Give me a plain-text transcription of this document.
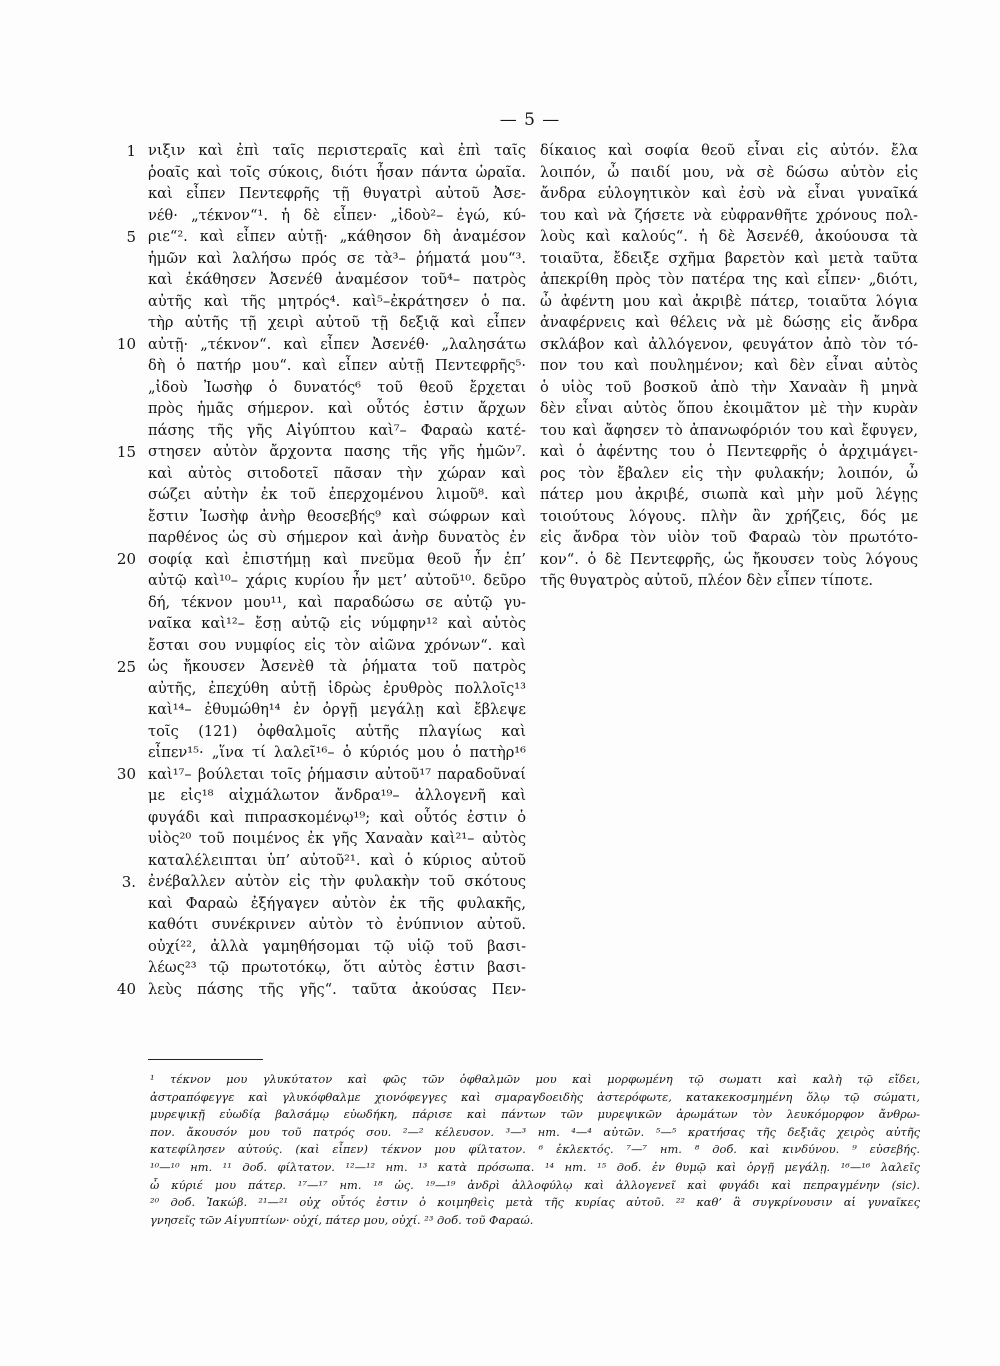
— 5 —
1
5
10
15
20
25
30
3.
40
νιξιν καὶ ἐπὶ ταῖς περιστεραῖς καὶ ἐπὶ ταῖς
ῥοαῖς καὶ τοῖς σύκοις, διότι ἦσαν πάντα ὡραῖα.
καὶ εἶπεν Πεντεφρῆς τῇ θυγατρὶ αὐτοῦ Ἀσε-
νέθ· „τέκνον“¹. ἡ δὲ εἶπεν· „ἰδοὺ²– ἐγώ, κύ-
ριε“². καὶ εἶπεν αὐτῇ· „κάθησον δὴ ἀναμέσον
ἡμῶν καὶ λαλήσω πρός σε τὰ³– ῥήματά μου“³.
καὶ ἐκάθησεν Ἀσενέθ ἀναμέσον τοῦ⁴– πατρὸς
αὐτῆς καὶ τῆς μητρός⁴. καὶ⁵–ἐκράτησεν ὁ πα.
τὴρ αὐτῆς τῇ χειρὶ αὐτοῦ τῇ δεξιᾷ καὶ εἶπεν
αὐτῇ· „τέκνον“. καὶ εἶπεν Ἀσενέθ· „λαλησάτω
δὴ ὁ πατήρ μου“. καὶ εἶπεν αὐτῇ Πεντεφρῆς⁵·
„ἰδοὺ Ἰωσὴφ ὁ δυνατός⁶ τοῦ θεοῦ ἔρχεται
πρὸς ἡμᾶς σήμερον. καὶ οὗτός ἐστιν ἄρχων
πάσης τῆς γῆς Αἰγύπτου καὶ⁷– Φαραὼ κατέ-
στησεν αὐτὸν ἄρχοντα πασης τῆς γῆς ἡμῶν⁷.
καὶ αὐτὸς σιτοδοτεῖ πᾶσαν τὴν χώραν καὶ
σώζει αὐτὴν ἐκ τοῦ ἐπερχομένου λιμοῦ⁸. καὶ
ἔστιν Ἰωσὴφ ἀνὴρ θεοσεβής⁹ καὶ σώφρων καὶ
παρθένος ὡς σὺ σήμερον καὶ ἀνὴρ δυνατὸς ἐν
σοφίᾳ καὶ ἐπιστήμῃ καὶ πνεῦμα θεοῦ ἦν ἐπ’
αὐτῷ καὶ¹⁰– χάρις κυρίου ἦν μετ’ αὐτοῦ¹⁰. δεῦρο
δή, τέκνον μου¹¹, καὶ παραδώσω σε αὐτῷ γυ-
ναῖκα καὶ¹²– ἔσῃ αὐτῷ εἰς νύμφην¹² καὶ αὐτὸς
ἔσται σου νυμφίος εἰς τὸν αἰῶνα χρόνων“. καὶ
ὡς ἤκουσεν Ἀσενὲθ τὰ ῥήματα τοῦ πατρὸς
αὐτῆς, ἐπεχύθη αὐτῇ ἱδρὼς ἐρυθρὸς πολλοῖς¹³
καὶ¹⁴– ἐθυμώθη¹⁴ ἐν ὀργῇ μεγάλῃ καὶ ἔβλεψε
τοῖς (121) ὀφθαλμοῖς αὐτῆς πλαγίως καὶ
εἶπεν¹⁵· „ἵνα τί λαλεῖ¹⁶– ὁ κύριός μου ὁ πατὴρ¹⁶
καὶ¹⁷– βούλεται τοῖς ῥήμασιν αὐτοῦ¹⁷ παραδοῦναί
με εἰς¹⁸ αἰχμάλωτον ἄνδρα¹⁹– ἀλλογενῆ καὶ
φυγάδι καὶ πιπρασκομένῳ¹⁹; καὶ οὗτός ἐστιν ὁ
υἱὸς²⁰ τοῦ ποιμένος ἐκ γῆς Χαναὰν καὶ²¹– αὐτὸς
καταλέλειπται ὑπ’ αὐτοῦ²¹. καὶ ὁ κύριος αὐτοῦ
ἐνέβαλλεν αὐτὸν εἰς τὴν φυλακὴν τοῦ σκότους
καὶ Φαραὼ ἐξήγαγεν αὐτὸν ἐκ τῆς φυλακῆς,
καθότι συνέκρινεν αὐτὸν τὸ ἐνύπνιον αὐτοῦ.
οὐχί²², ἀλλὰ γαμηθήσομαι τῷ υἱῷ τοῦ βασι-
λέως²³ τῷ πρωτοτόκῳ, ὅτι αὐτὸς ἐστιν βασι-
λεὺς πάσης τῆς γῆς“. ταῦτα ἀκούσας Πεν-
δίκαιος καὶ σοφία θεοῦ εἶναι εἰς αὐτόν. ἔλα
λοιπόν, ὦ παιδί μου, νὰ σὲ δώσω αὐτὸν εἰς
ἄνδρα εὐλογητικὸν καὶ ἐσὺ νὰ εἶναι γυναῖκά
του καὶ νὰ ζήσετε νὰ εὐφρανθῆτε χρόνους πολ-
λοὺς καὶ καλούς“. ἡ δὲ Ἀσενέθ, ἀκούουσα τὰ
τοιαῦτα, ἔδειξε σχῆμα βαρετὸν καὶ μετὰ ταῦτα
ἀπεκρίθη πρὸς τὸν πατέρα της καὶ εἶπεν· „διότι,
ὦ ἀφέντη μου καὶ ἀκριβὲ πάτερ, τοιαῦτα λόγια
ἀναφέρνεις καὶ θέλεις νὰ μὲ δώσῃς εἰς ἄνδρα
σκλάβον καὶ ἀλλόγενον, φευγάτον ἀπὸ τὸν τό-
πον του καὶ πουλημένον; καὶ δὲν εἶναι αὐτὸς
ὁ υἱὸς τοῦ βοσκοῦ ἀπὸ τὴν Χαναὰν ἢ μηνὰ
δὲν εἶναι αὐτὸς ὅπου ἐκοιμᾶτον μὲ τὴν κυρὰν
του καὶ ἄφησεν τὸ ἀπανωφόριόν του καὶ ἔφυγεν,
καὶ ὁ ἀφέντης του ὁ Πεντεφρῆς ὁ ἀρχιμάγει-
ρος τὸν ἔβαλεν εἰς τὴν φυλακήν; λοιπόν, ὦ
πάτερ μου ἀκριβέ, σιωπὰ καὶ μὴν μοῦ λέγῃς
τοιούτους λόγους. πλὴν ἂν χρήζεις, δός με
εἰς ἄνδρα τὸν υἱὸν τοῦ Φαραὼ τὸν πρωτότο-
κον“. ὁ δὲ Πεντεφρῆς, ὡς ἤκουσεν τοὺς λόγους
τῆς θυγατρὸς αὐτοῦ, πλέον δὲν εἶπεν τίποτε.
¹ τέκνον μου γλυκύτατον καὶ φῶς τῶν ὀφθαλμῶν μου καὶ μορφωμένη τῷ σωματι καὶ καλὴ τῷ εἴδει,
ἀστραπόφεγγε καὶ γλυκόφθαλμε χιονόφεγγες καὶ σμαραγδοειδὴς ἀστερόφωτε, κατακεκοσμημένη ὅλῳ τῷ σώματι,
μυρεψικῇ εὐωδίᾳ βαλσάμῳ εὐωδήκη, πάρισε καὶ πάντων τῶν μυρεψικῶν ἀρωμάτων τὸν λευκόμορφον ἄνθρω-
πον. ἄκουσόν μου τοῦ πατρός σου. ²—² κέλευσον. ³—³ нт. ⁴—⁴ αὐτῶν. ⁵—⁵ κρατήσας τῆς δεξιᾶς χειρὸς αὐτῆς
κατεφίλησεν αὐτούς. (καὶ εἶπεν) τέκνον μου φίλτατον. ⁶ ἐκλεκτός. ⁷—⁷ нт. ⁸ доб. καὶ κινδύνου. ⁹ εὐσεβής.
¹⁰—¹⁰ нт. ¹¹ доб. φίλτατον. ¹²—¹² нт. ¹³ κατὰ πρόσωπα. ¹⁴ нт. ¹⁵ доб. ἐν θυμῷ καὶ ὀργῇ μεγάλῃ. ¹⁶—¹⁶ λαλεῖς
ὦ κύριέ μου πάτερ. ¹⁷—¹⁷ нт. ¹⁸ ὡς. ¹⁹—¹⁹ ἀνδρὶ ἀλλοφύλῳ καὶ ἀλλογενεῖ καὶ φυγάδι καὶ πεπραγμένην (sic).
²⁰ доб. Ἰακώβ. ²¹—²¹ οὐχ οὗτός ἐστιν ὁ κοιμηθεὶς μετὰ τῆς κυρίας αὐτοῦ. ²² καθ’ ἃ συγκρίνουσιν αἱ γυναῖκες
γνησεῖς τῶν Αἰγυπτίων· οὐχί, πάτερ μου, οὐχί. ²³ доб. τοῦ Φαραώ.
